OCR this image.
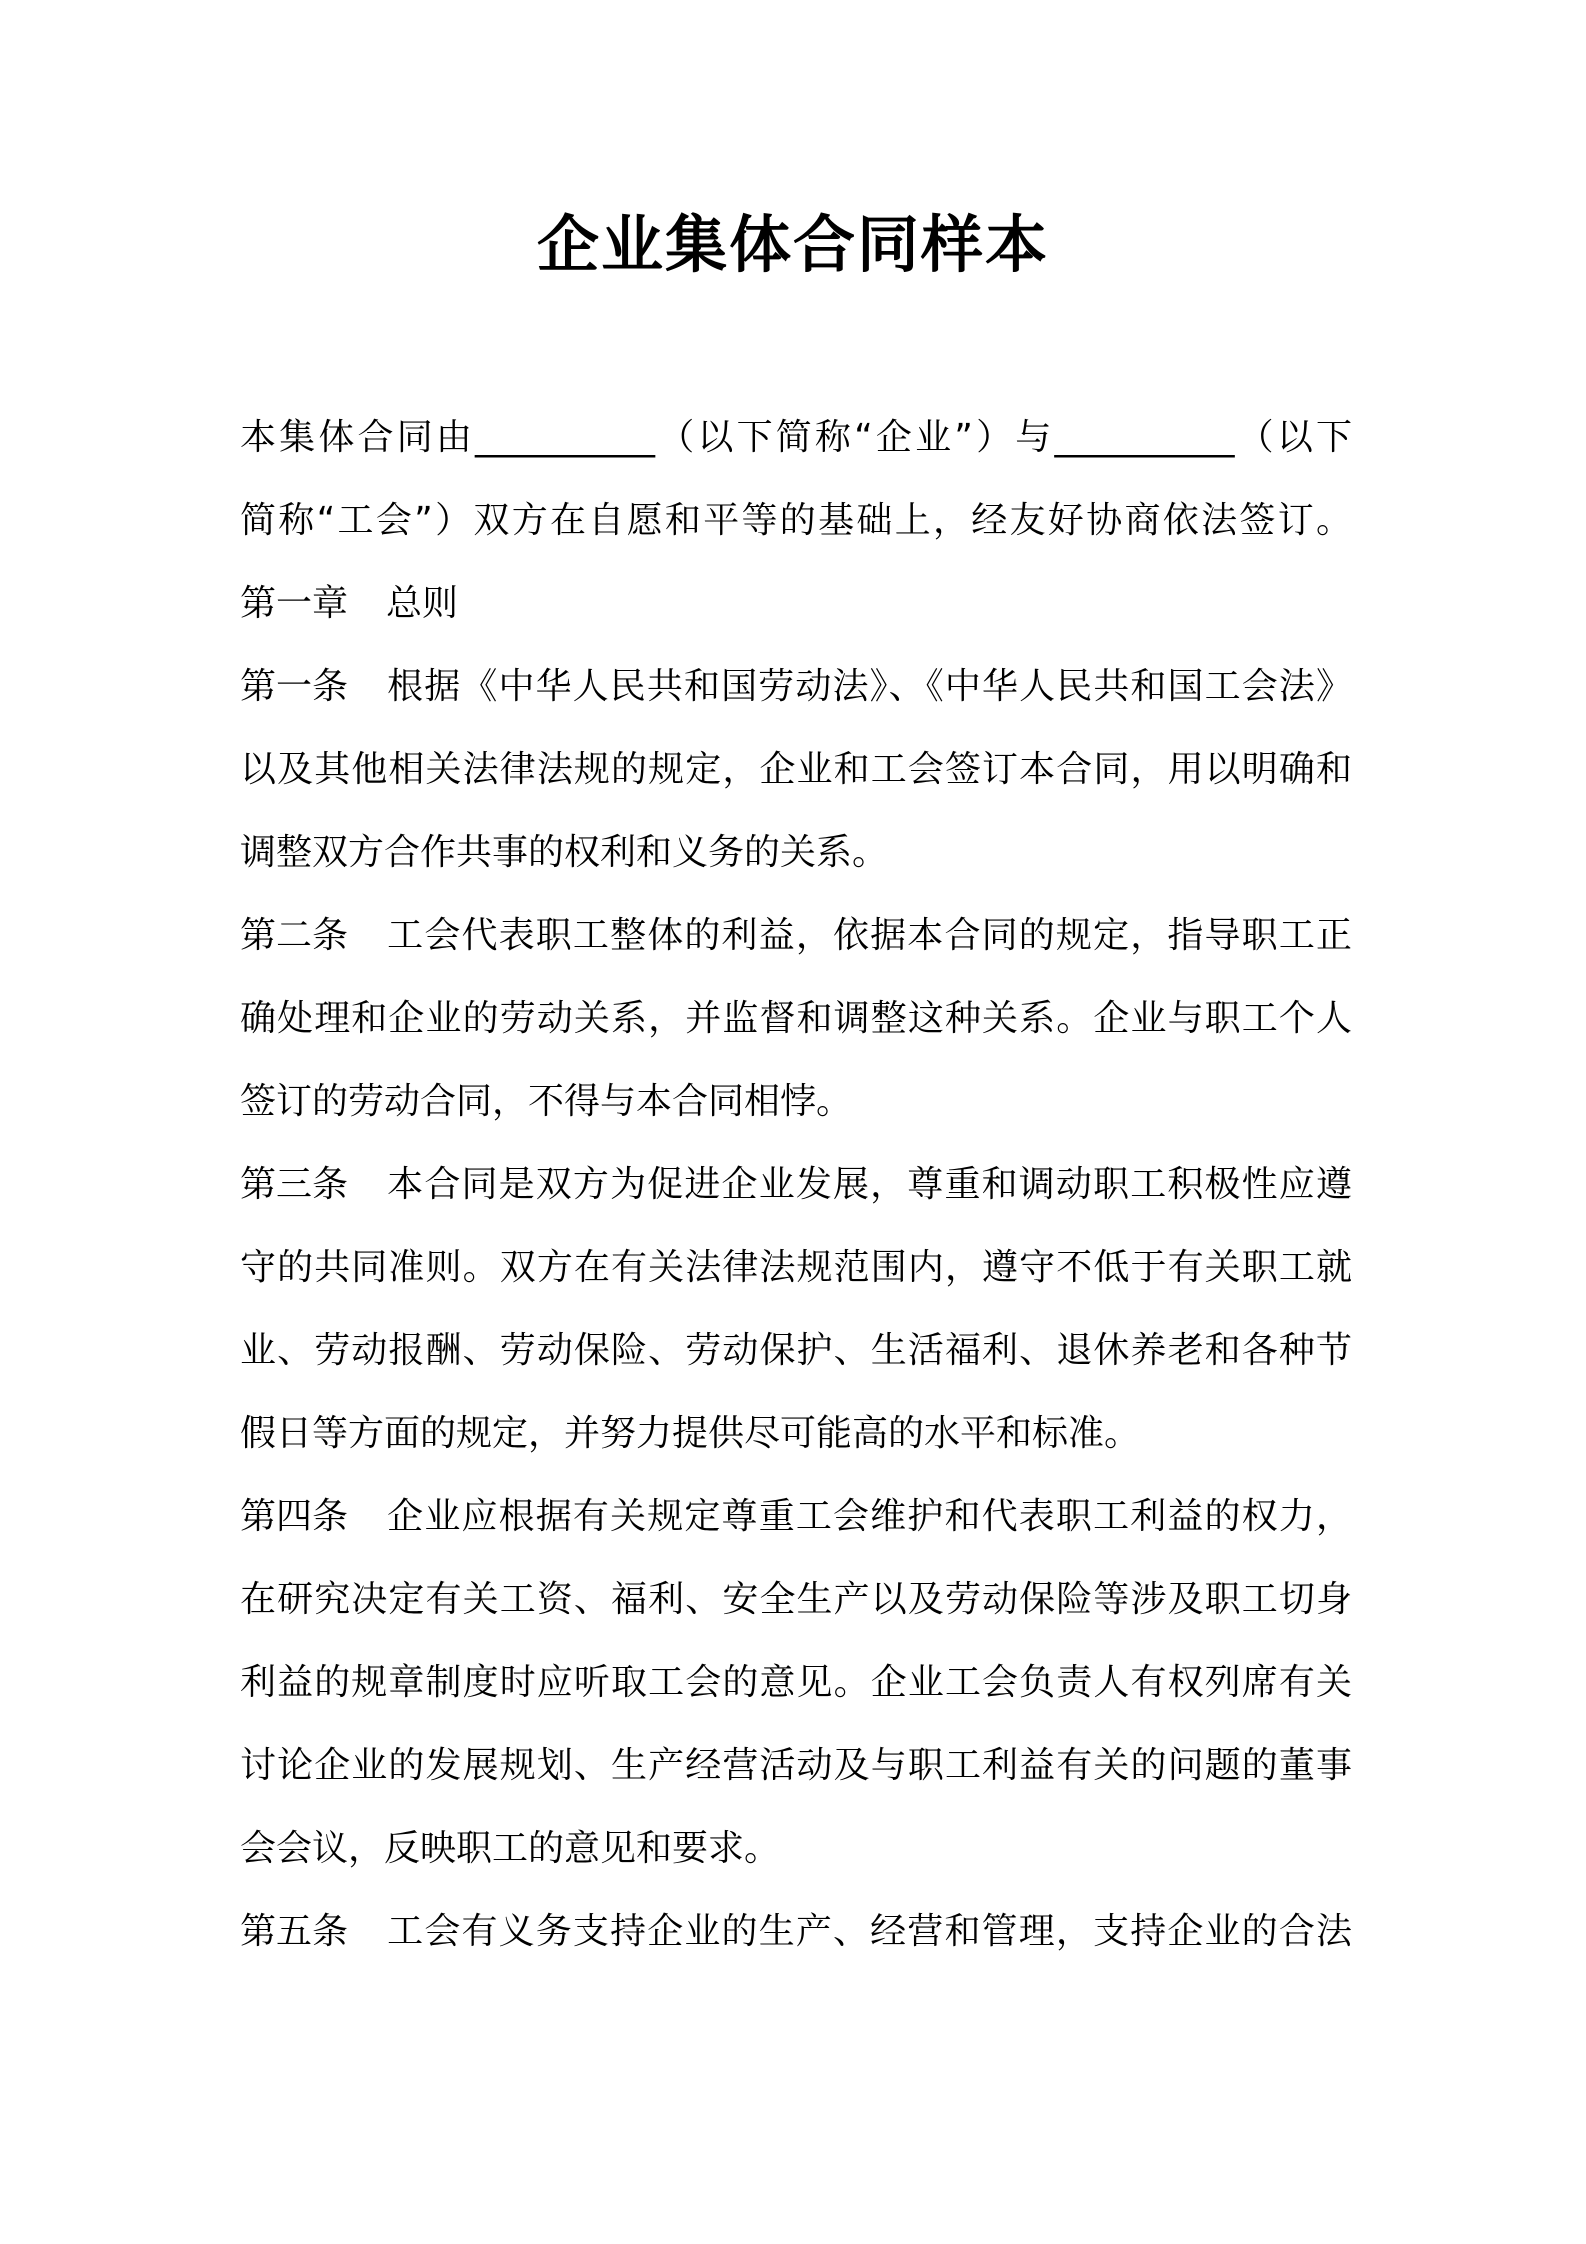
企业集体合同样本
本集体合同由__________（以下简称“企业”）与__________（以下
简称“工会”）双方在自愿和平等的基础上，经友好协商依法签订。
第一章 总则
第一条 根据《中华人民共和国劳动法》、《中华人民共和国工会法》
以及其他相关法律法规的规定，企业和工会签订本合同，用以明确和
调整双方合作共事的权利和义务的关系。
第二条 工会代表职工整体的利益，依据本合同的规定，指导职工正
确处理和企业的劳动关系，并监督和调整这种关系。企业与职工个人
签订的劳动合同，不得与本合同相悖。
第三条 本合同是双方为促进企业发展，尊重和调动职工积极性应遵
守的共同准则。双方在有关法律法规范围内，遵守不低于有关职工就
业、劳动报酬、劳动保险、劳动保护、生活福利、退休养老和各种节
假日等方面的规定，并努力提供尽可能高的水平和标准。
第四条 企业应根据有关规定尊重工会维护和代表职工利益的权力，
在研究决定有关工资、福利、安全生产以及劳动保险等涉及职工切身
利益的规章制度时应听取工会的意见。企业工会负责人有权列席有关
讨论企业的发展规划、生产经营活动及与职工利益有关的问题的董事
会会议，反映职工的意见和要求。
第五条 工会有义务支持企业的生产、经营和管理，支持企业的合法
